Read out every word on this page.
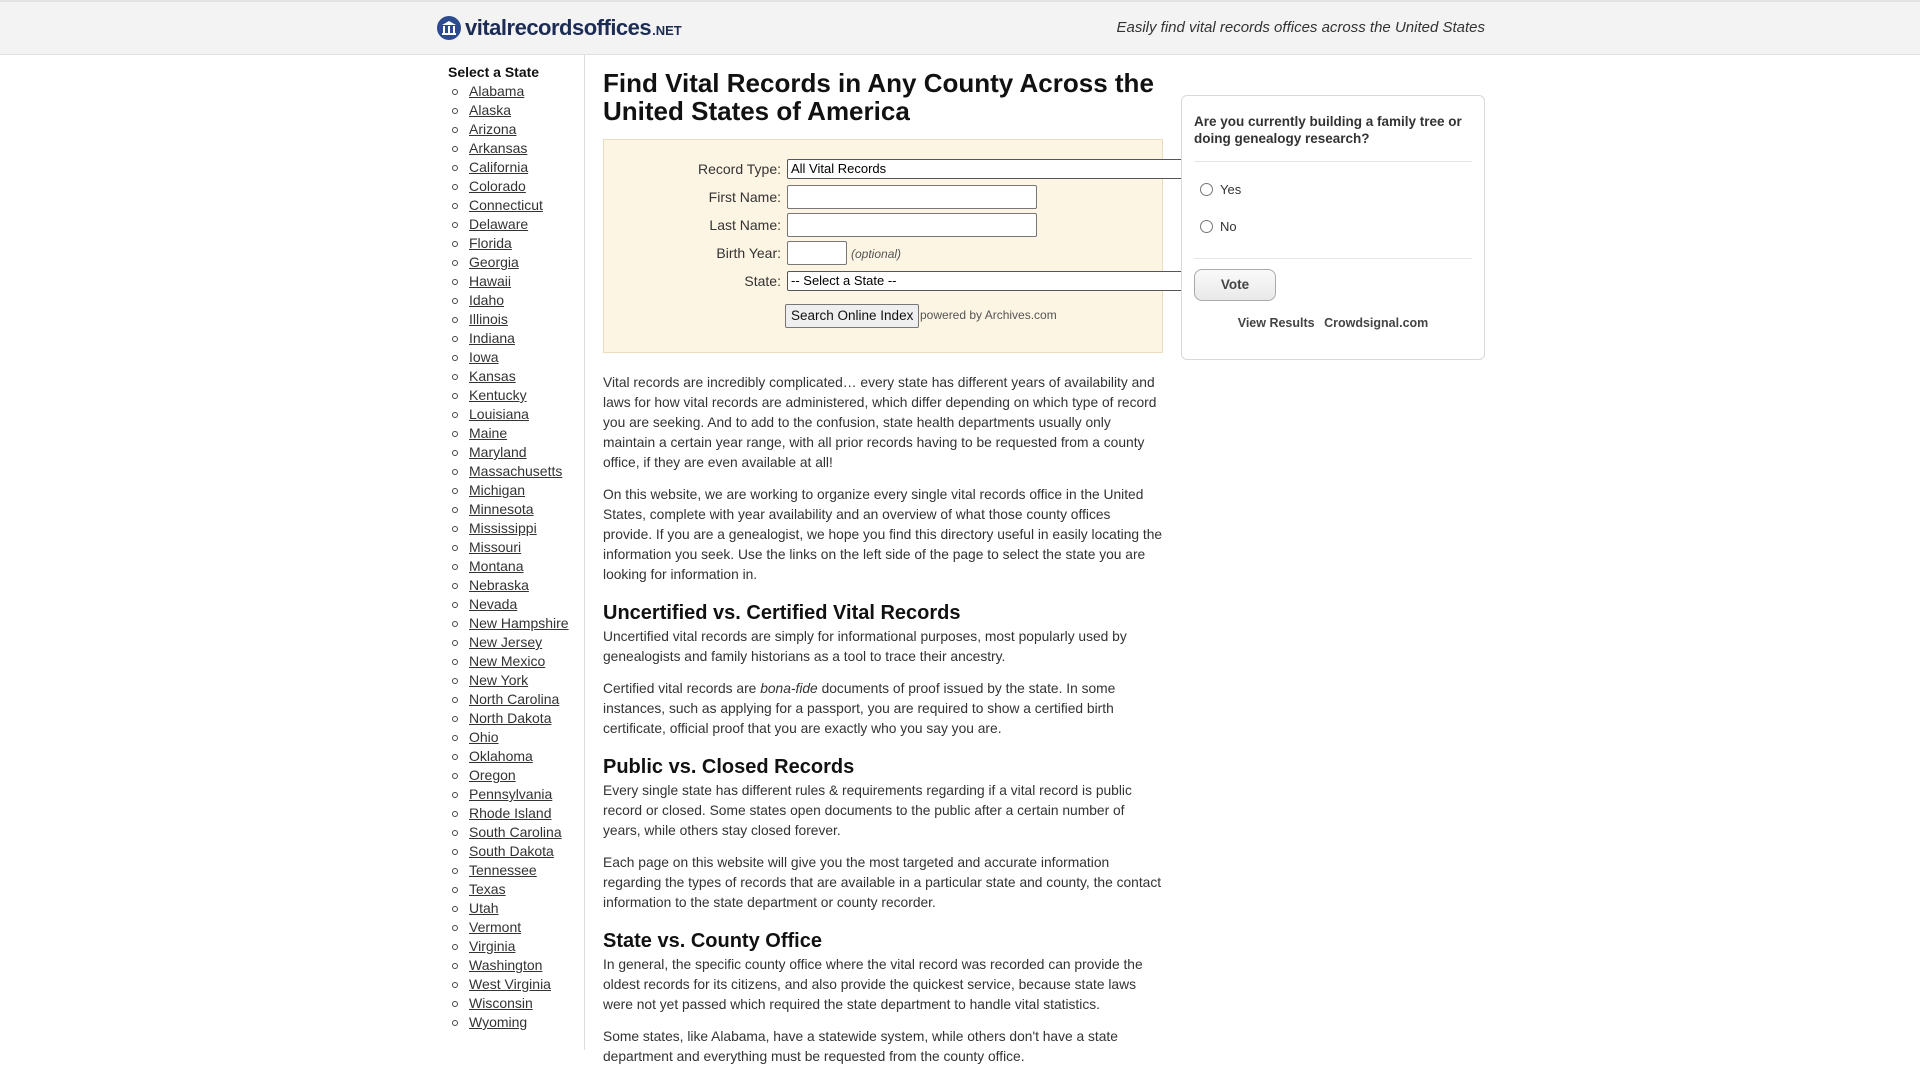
vitalrecordsoffices .NET	Easily find vital records offices across the United States
Select a State
Alabama
Alaska
Arizona
Arkansas
California
Colorado
Connecticut
Delaware
Florida
Georgia
Hawaii
Idaho
Illinois
Indiana
Iowa
Kansas
Kentucky
Louisiana
Maine
Maryland
Massachusetts
Michigan
Minnesota
Mississippi
Missouri
Montana
Nebraska
Nevada
New Hampshire
New Jersey
New Mexico
New York
North Carolina
North Dakota
Ohio
Oklahoma
Oregon
Pennsylvania
Rhode Island
South Carolina
South Dakota
Tennessee
Texas
Utah
Vermont
Virginia
Washington
West Virginia
Wisconsin
Wyoming
Find Vital Records in Any County Across the United States of America
Record Type: All Vital Records
First Name:
Last Name:
Birth Year:	(optional)
State: -- Select a State --
Search Online Index powered by Archives.com

Vital records are incredibly complicated… every state has different years of availability and laws for how vital records are administered, which differ depending on which type of record you are seeking. And to add to the confusion, state health departments usually only maintain a certain year range, with all prior records having to be requested from a county office, if they are even available at all!

On this website, we are working to organize every single vital records office in the United States, complete with year availability and an overview of what those county offices provide. If you are a genealogist, we hope you find this directory useful in easily locating the information you seek. Use the links on the left side of the page to select the state you are looking for information in.

Uncertified vs. Certified Vital Records

Uncertified vital records are simply for informational purposes, most popularly used by genealogists and family historians as a tool to trace their ancestry.

Certified vital records are bona-fide documents of proof issued by the state. In some instances, such as applying for a passport, you are required to show a certified birth certificate, official proof that you are exactly who you say you are.

Public vs. Closed Records

Every single state has different rules & requirements regarding if a vital record is public record or closed. Some states open documents to the public after a certain number of years, while others stay closed forever.

Each page on this website will give you the most targeted and accurate information regarding the types of records that are available in a particular state and county, the contact information to the state department or county recorder.

State vs. County Office

In general, the specific county office where the vital record was recorded can provide the oldest records for its citizens, and also provide the quickest service, because state laws were not yet passed which required the state department to handle vital statistics.

Some states, like Alabama, have a statewide system, while others don't have a state department and everything must be requested from the county office.

Are you currently building a family tree or doing genealogy research?
Yes
No
Vote
View Results Crowdsignal.com
